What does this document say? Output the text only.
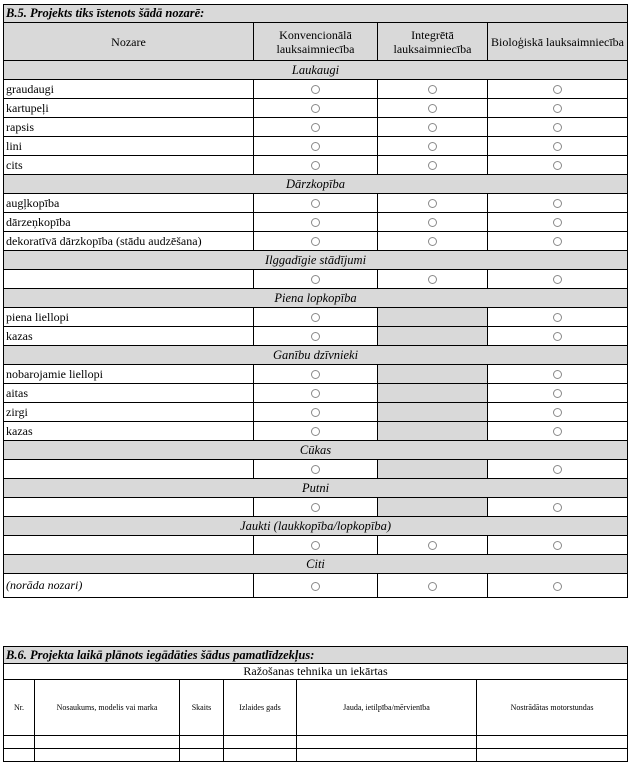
B.5. Projekts tiks īstenots šādā nozarē:			
Nozare	Konvencionālā lauksaimniecība	Integrētā lauksaimniecība	Bioloģiskā lauksaimniecība
Laukaugi			
graudaugi			
kartupeļi			
rapsis			
lini			
cits			
Dārzkopība			
augļkopība			
dārzeņkopība			
dekoratīvā dārzkopība (stādu audzēšana)			
Ilggadīgie stādījumi			

Piena lopkopība			
piena liellopi			
kazas			
Ganību dzīvnieki			
nobarojamie liellopi			
aitas			
zirgi			
kazas			
Cūkas			

Putni			

Jaukti (laukkopība/lopkopība)			

Citi			
(norāda nozari)			
B.6. Projekta laikā plānots iegādāties šādus pamatlīdzekļus:					
Ražošanas tehnika un iekārtas					
Nr.	Nosaukums, modelis vai marka	Skaits	Izlaides gads	Jauda, ietilpība/mērvienība	Nostrādātas motorstundas
